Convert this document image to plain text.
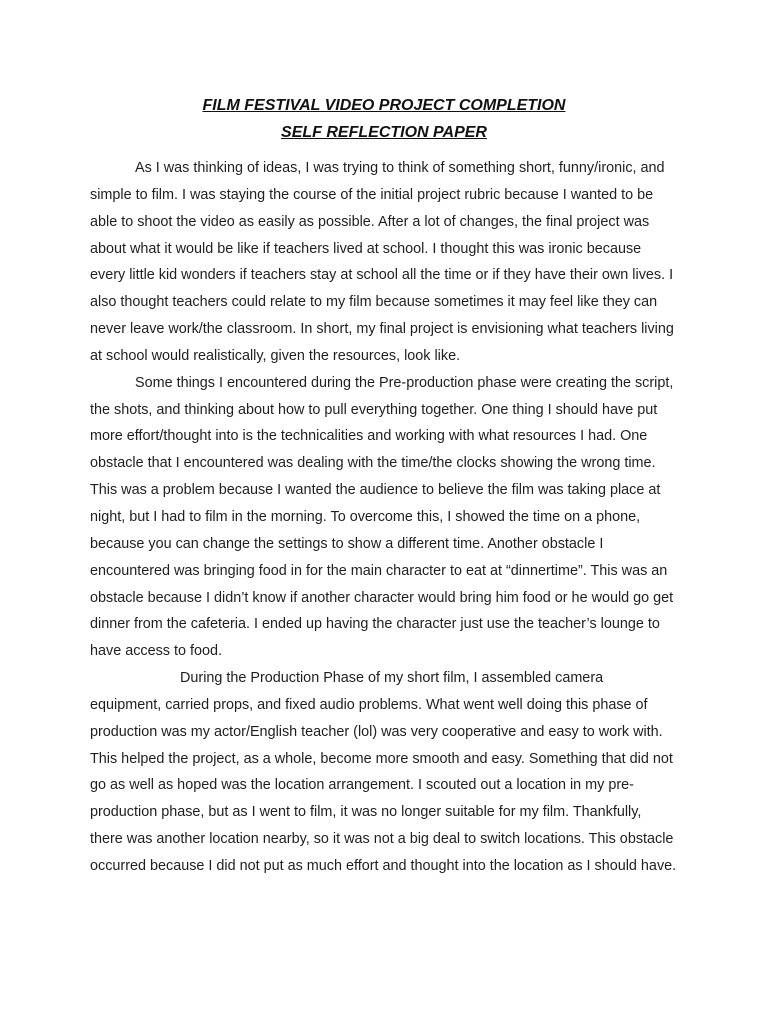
FILM FESTIVAL VIDEO PROJECT COMPLETION
SELF REFLECTION PAPER

As I was thinking of ideas, I was trying to think of something short, funny/ironic, and simple to film. I was staying the course of the initial project rubric because I wanted to be able to shoot the video as easily as possible. After a lot of changes, the final project was about what it would be like if teachers lived at school. I thought this was ironic because every little kid wonders if teachers stay at school all the time or if they have their own lives. I also thought teachers could relate to my film because sometimes it may feel like they can never leave work/the classroom. In short, my final project is envisioning what teachers living at school would realistically, given the resources, look like.

Some things I encountered during the Pre-production phase were creating the script, the shots, and thinking about how to pull everything together. One thing I should have put more effort/thought into is the technicalities and working with what resources I had. One obstacle that I encountered was dealing with the time/the clocks showing the wrong time. This was a problem because I wanted the audience to believe the film was taking place at night, but I had to film in the morning. To overcome this, I showed the time on a phone, because you can change the settings to show a different time. Another obstacle I encountered was bringing food in for the main character to eat at “dinnertime”. This was an obstacle because I didn’t know if another character would bring him food or he would go get dinner from the cafeteria. I ended up having the character just use the teacher’s lounge to have access to food.

During the Production Phase of my short film, I assembled camera equipment, carried props, and fixed audio problems. What went well doing this phase of production was my actor/English teacher (lol) was very cooperative and easy to work with. This helped the project, as a whole, become more smooth and easy. Something that did not go as well as hoped was the location arrangement. I scouted out a location in my pre-production phase, but as I went to film, it was no longer suitable for my film. Thankfully, there was another location nearby, so it was not a big deal to switch locations. This obstacle occurred because I did not put as much effort and thought into the location as I should have.
